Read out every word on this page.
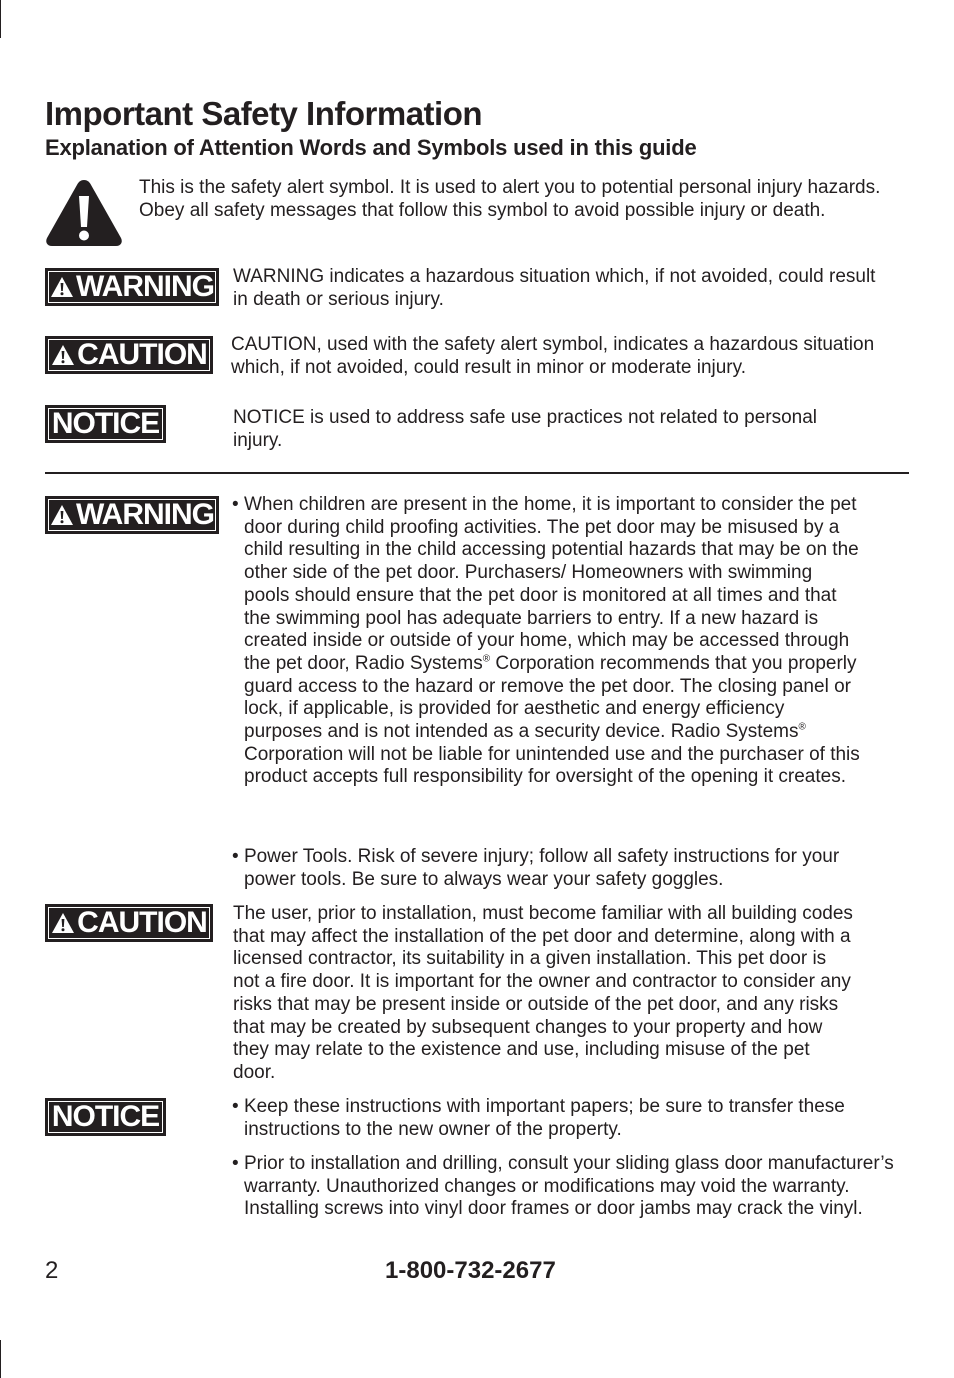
Important Safety Information
Explanation of Attention Words and Symbols used in this guide

This is the safety alert symbol. It is used to alert you to potential personal injury hazards. Obey all safety messages that follow this symbol to avoid possible injury or death.

WARNING WARNING indicates a hazardous situation which, if not avoided, could result in death or serious injury.

CAUTION CAUTION, used with the safety alert symbol, indicates a hazardous situation which, if not avoided, could result in minor or moderate injury.

NOTICE	NOTICE is used to address safe use practices not related to personal injury.

WARNING • When children are present in the home, it is important to consider the pet door during child proofing activities. The pet door may be misused by a child resulting in the child accessing potential hazards that may be on the other side of the pet door. Purchasers/ Homeowners with swimming pools should ensure that the pet door is monitored at all times and that the swimming pool has adequate barriers to entry. If a new hazard is created inside or outside of your home, which may be accessed through the pet door, Radio Systems® Corporation recommends that you properly guard access to the hazard or remove the pet door. The closing panel or lock, if applicable, is provided for aesthetic and energy efficiency purposes and is not intended as a security device. Radio Systems® Corporation will not be liable for unintended use and the purchaser of this product accepts full responsibility for oversight of the opening it creates.

• Power Tools. Risk of severe injury; follow all safety instructions for your power tools. Be sure to always wear your safety goggles.

CAUTION The user, prior to installation, must become familiar with all building codes that may affect the installation of the pet door and determine, along with a licensed contractor, its suitability in a given installation. This pet door is not a fire door. It is important for the owner and contractor to consider any risks that may be present inside or outside of the pet door, and any risks that may be created by subsequent changes to your property and how they may relate to the existence and use, including misuse of the pet door.

NOTICE	• Keep these instructions with important papers; be sure to transfer these instructions to the new owner of the property.

• Prior to installation and drilling, consult your sliding glass door manufacturer’s warranty. Unauthorized changes or modifications may void the warranty. Installing screws into vinyl door frames or door jambs may crack the vinyl.

2	1-800-732-2677
